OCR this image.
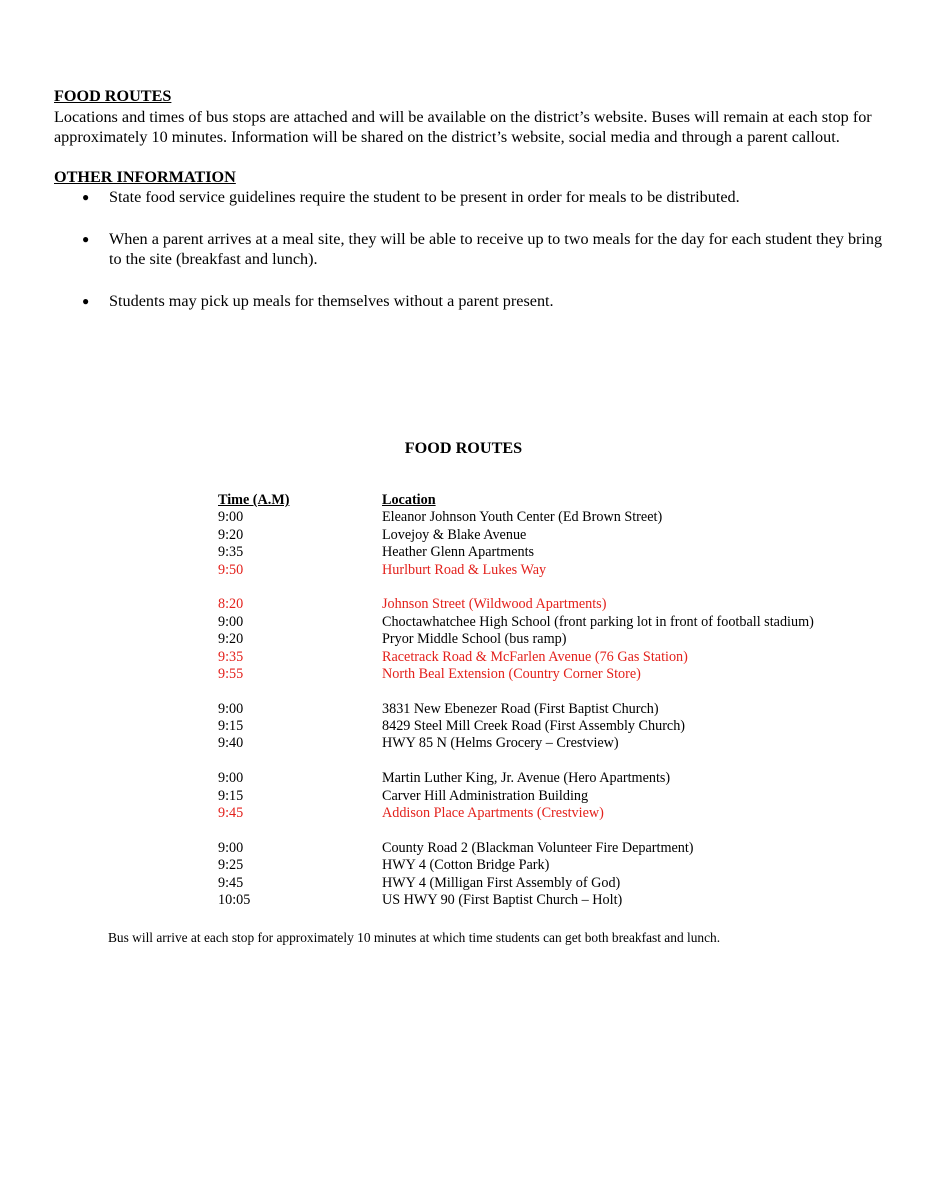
FOOD ROUTES

Locations and times of bus stops are attached and will be available on the district’s website. Buses will remain at each stop for approximately 10 minutes. Information will be shared on the district’s website, social media and through a parent callout.

OTHER INFORMATION

● State food service guidelines require the student to be present in order for meals to be distributed.
● When a parent arrives at a meal site, they will be able to receive up to two meals for the day for each student they bring to the site (breakfast and lunch).
● Students may pick up meals for themselves without a parent present.

FOOD ROUTES

Time (A.M)	Location
9:00	Eleanor Johnson Youth Center (Ed Brown Street)
9:20	Lovejoy & Blake Avenue
9:35	Heather Glenn Apartments
9:50	Hurlburt Road & Lukes Way
8:20	Johnson Street (Wildwood Apartments)
9:00	Choctawhatchee High School (front parking lot in front of football stadium)
9:20	Pryor Middle School (bus ramp)
9:35	Racetrack Road & McFarlen Avenue (76 Gas Station)
9:55	North Beal Extension (Country Corner Store)
9:00	3831 New Ebenezer Road (First Baptist Church)
9:15	8429 Steel Mill Creek Road (First Assembly Church)
9:40	HWY 85 N (Helms Grocery – Crestview)
9:00	Martin Luther King, Jr. Avenue (Hero Apartments)
9:15	Carver Hill Administration Building
9:45	Addison Place Apartments (Crestview)
9:00	County Road 2 (Blackman Volunteer Fire Department)
9:25	HWY 4 (Cotton Bridge Park)
9:45	HWY 4 (Milligan First Assembly of God)
10:05	US HWY 90 (First Baptist Church – Holt)

Bus will arrive at each stop for approximately 10 minutes at which time students can get both breakfast and lunch.
